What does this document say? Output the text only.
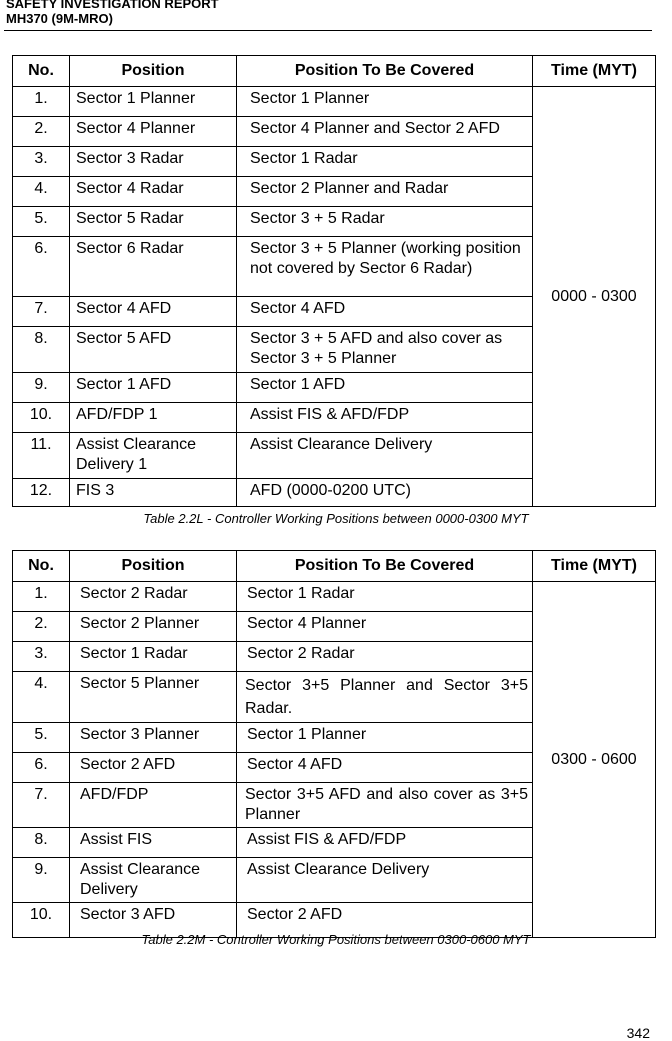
SAFETY INVESTIGATION REPORT
MH370 (9M-MRO)
No.	Position	Position To Be Covered	Time (MYT)
1.	Sector 1 Planner	Sector 1 Planner	0000 - 0300
2.	Sector 4 Planner	Sector 4 Planner and Sector 2 AFD	
3.	Sector 3 Radar	Sector 1 Radar	
4.	Sector 4 Radar	Sector 2 Planner and Radar	
5.	Sector 5 Radar	Sector 3 + 5 Radar	
6.	Sector 6 Radar	Sector 3 + 5 Planner (working position not covered by Sector 6 Radar)	
7.	Sector 4 AFD	Sector 4 AFD	
8.	Sector 5 AFD	Sector 3 + 5 AFD and also cover as Sector 3 + 5 Planner	
9.	Sector 1 AFD	Sector 1 AFD	
10.	AFD/FDP 1	Assist FIS & AFD/FDP	
11.	Assist Clearance Delivery 1	Assist Clearance Delivery	
12.	FIS 3	AFD (0000-0200 UTC)	
Table 2.2L - Controller Working Positions between 0000-0300 MYT
No.	Position	Position To Be Covered	Time (MYT)
1.	Sector 2 Radar	Sector 1 Radar	0300 - 0600
2.	Sector 2 Planner	Sector 4 Planner	
3.	Sector 1 Radar	Sector 2 Radar	
4.	Sector 5 Planner	Sector 3+5 Planner and Sector 3+5 Radar.	
5.	Sector 3 Planner	Sector 1 Planner	
6.	Sector 2 AFD	Sector 4 AFD	
7.	AFD/FDP	Sector 3+5 AFD and also cover as 3+5 Planner	
8.	Assist FIS	Assist FIS & AFD/FDP	
9.	Assist Clearance Delivery	Assist Clearance Delivery	
10.	Sector 3 AFD	Sector 2 AFD	
Table 2.2M - Controller Working Positions between 0300-0600 MYT
342
